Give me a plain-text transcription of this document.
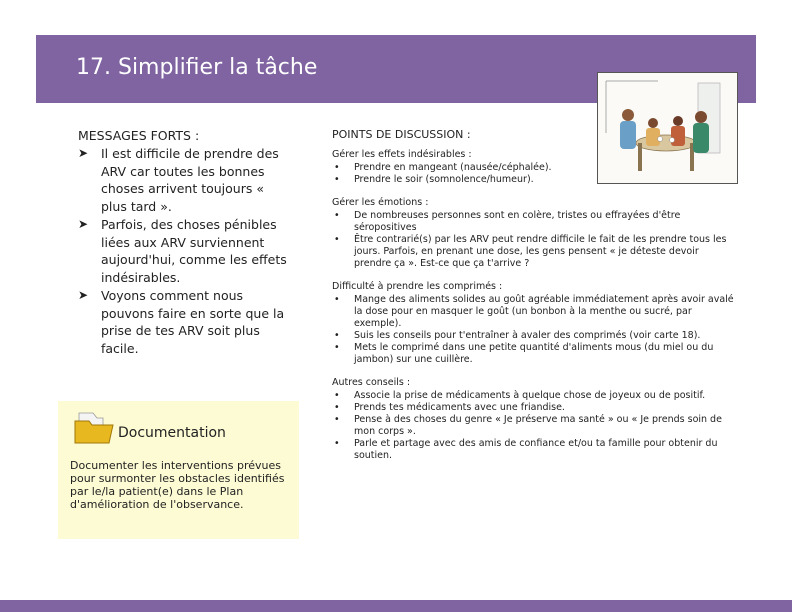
17. Simplifier la tâche
MESSAGES FORTS :
➤ Il est difficile de prendre des ARV car toutes les bonnes choses arrivent toujours « plus tard ».
➤ Parfois, des choses pénibles liées aux ARV surviennent aujourd'hui, comme les effets indésirables.
➤ Voyons comment nous pouvons faire en sorte que la prise de tes ARV soit plus facile.
Documentation
Documenter les interventions prévues pour surmonter les obstacles identifiés par le/la patient(e) dans le Plan d'amélioration de l'observance.
POINTS DE DISCUSSION :
Gérer les effets indésirables :
• Prendre en mangeant (nausée/céphalée).
• Prendre le soir (somnolence/humeur).
Gérer les émotions :
• De nombreuses personnes sont en colère, tristes ou effrayées d'être séropositives
• Être contrarié(s) par les ARV peut rendre difficile le fait de les prendre tous les jours. Parfois, en prenant une dose, les gens pensent « je déteste devoir prendre ça ». Est-ce que ça t'arrive ?
Difficulté à prendre les comprimés :
• Mange des aliments solides au goût agréable immédiatement après avoir avalé la dose pour en masquer le goût (un bonbon à la menthe ou sucré, par exemple).
• Suis les conseils pour t'entraîner à avaler des comprimés (voir carte 18).
• Mets le comprimé dans une petite quantité d'aliments mous (du miel ou du jambon) sur une cuillère.
Autres conseils :
• Associe la prise de médicaments à quelque chose de joyeux ou de positif.
• Prends tes médicaments avec une friandise.
• Pense à des choses du genre « Je préserve ma santé » ou « Je prends soin de mon corps ».
• Parle et partage avec des amis de confiance et/ou ta famille pour obtenir du soutien.
